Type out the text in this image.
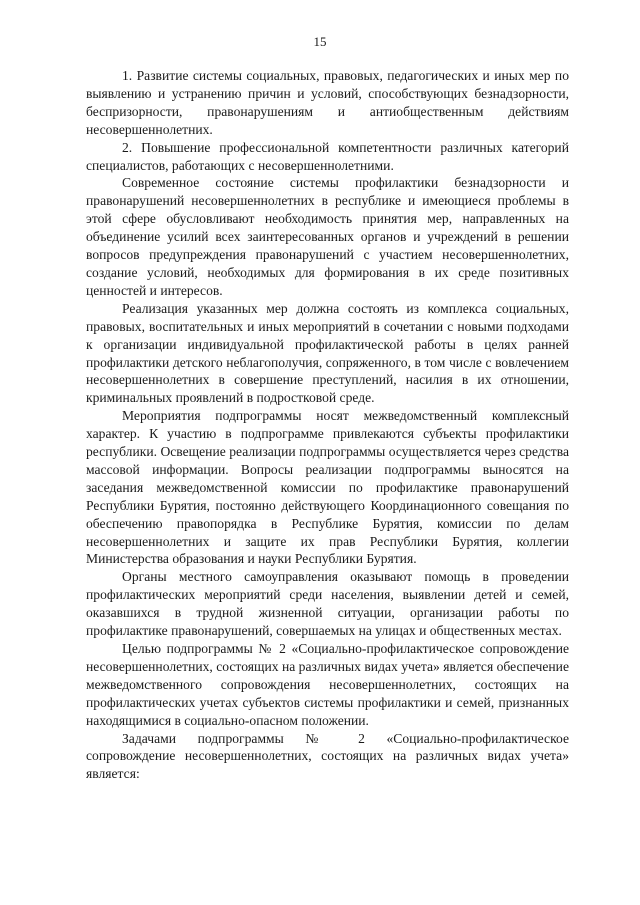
15

1. Развитие системы социальных, правовых, педагогических и иных мер по выявлению и устранению причин и условий, способствующих безнадзорности, беспризорности, правонарушениям и антиобщественным действиям несовершеннолетних.

2. Повышение профессиональной компетентности различных категорий специалистов, работающих с несовершеннолетними.

Современное состояние системы профилактики безнадзорности и правонарушений несовершеннолетних в республике и имеющиеся проблемы в этой сфере обусловливают необходимость принятия мер, направленных на объединение усилий всех заинтересованных органов и учреждений в решении вопросов предупреждения правонарушений с участием несовершеннолетних, создание условий, необходимых для формирования в их среде позитивных ценностей и интересов.

Реализация указанных мер должна состоять из комплекса социальных, правовых, воспитательных и иных мероприятий в сочетании с новыми подходами к организации индивидуальной профилактической работы в целях ранней профилактики детского неблагополучия, сопряженного, в том числе с вовлечением несовершеннолетних в совершение преступлений, насилия в их отношении, криминальных проявлений в подростковой среде.

Мероприятия подпрограммы носят межведомственный комплексный характер. К участию в подпрограмме привлекаются субъекты профилактики республики. Освещение реализации подпрограммы осуществляется через средства массовой информации. Вопросы реализации подпрограммы выносятся на заседания межведомственной комиссии по профилактике правонарушений Республики Бурятия, постоянно действующего Координационного совещания по обеспечению правопорядка в Республике Бурятия, комиссии по делам несовершеннолетних и защите их прав Республики Бурятия, коллегии Министерства образования и науки Республики Бурятия.

Органы местного самоуправления оказывают помощь в проведении профилактических мероприятий среди населения, выявлении детей и семей, оказавшихся в трудной жизненной ситуации, организации работы по профилактике правонарушений, совершаемых на улицах и общественных местах.

Целью подпрограммы № 2 «Социально-профилактическое сопровождение несовершеннолетних, состоящих на различных видах учета» является обеспечение межведомственного сопровождения несовершеннолетних, состоящих на профилактических учетах субъектов системы профилактики и семей, признанных находящимися в социально-опасном положении.

Задачами подпрограммы № 2 «Социально-профилактическое сопровождение несовершеннолетних, состоящих на различных видах учета» является:
